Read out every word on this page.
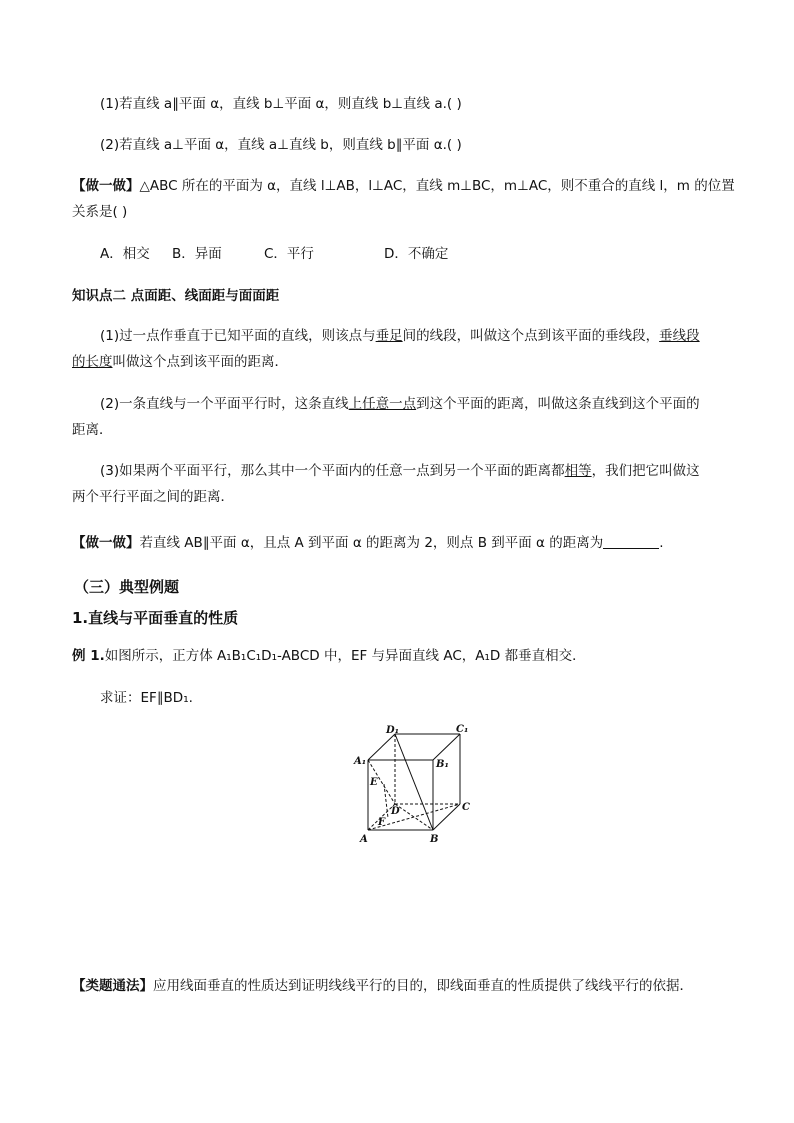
(1)若直线 a∥平面 α，直线 b⊥平面 α，则直线 b⊥直线 a.( )
(2)若直线 a⊥平面 α，直线 a⊥直线 b，则直线 b∥平面 α.( )
【做一做】△ABC 所在的平面为 α，直线 l⊥AB，l⊥AC，直线 m⊥BC，m⊥AC，则不重合的直线 l，m 的位置
关系是( )
A．相交 B．异面	C．平行	D．不确定
知识点二 点面距、线面距与面面距
(1)过一点作垂直于已知平面的直线，则该点与垂足间的线段，叫做这个点到该平面的垂线段，垂线段
的长度叫做这个点到该平面的距离．
(2)一条直线与一个平面平行时，这条直线上任意一点到这个平面的距离，叫做这条直线到这个平面的
距离．
(3)如果两个平面平行，那么其中一个平面内的任意一点到另一个平面的距离都相等，我们把它叫做这
两个平行平面之间的距离．
【做一做】若直线 AB∥平面 α，且点 A 到平面 α 的距离为 2，则点 B 到平面 α 的距离为	.
（三）典型例题
1.直线与平面垂直的性质
例 1.如图所示，正方体 A₁B₁C₁D₁-ABCD 中，EF 与异面直线 AC，A₁D 都垂直相交．
求证：EF∥BD₁.
D₁	C₁
A₁	B₁
E
D	C
F
A	B
【类题通法】应用线面垂直的性质达到证明线线平行的目的，即线面垂直的性质提供了线线平行的依据．
